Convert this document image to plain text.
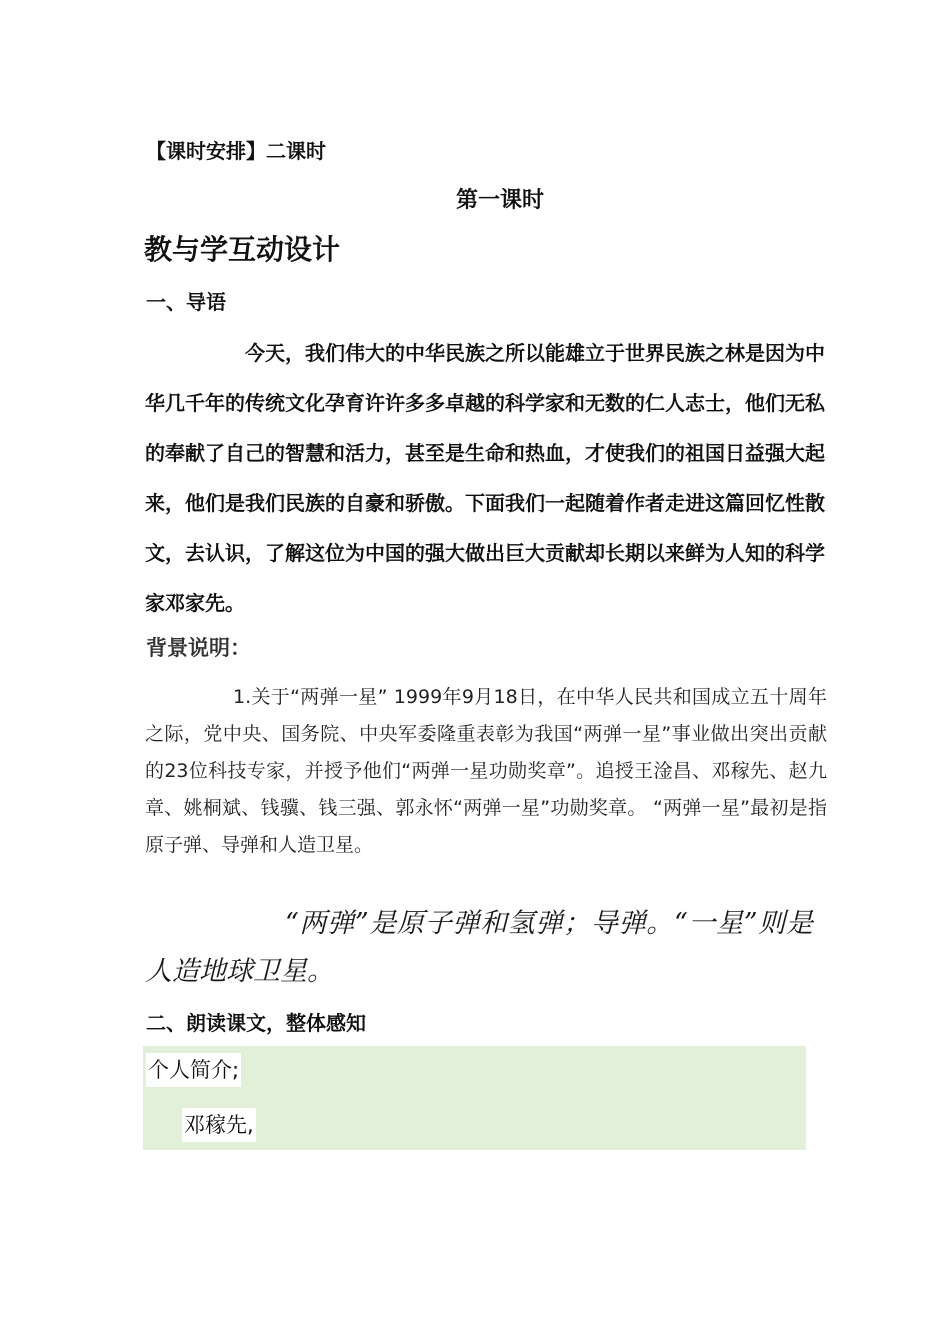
【课时安排】二课时
第一课时
教与学互动设计
一、导语
今天，我们伟大的中华民族之所以能雄立于世界民族之林是因为中华几千年的传统文化孕育许许多多卓越的科学家和无数的仁人志士，他们无私的奉献了自己的智慧和活力，甚至是生命和热血，才使我们的祖国日益强大起来，他们是我们民族的自豪和骄傲。下面我们一起随着作者走进这篇回忆性散文，去认识，了解这位为中国的强大做出巨大贡献却长期以来鲜为人知的科学家邓家先。
背景说明：
1.关于“两弹一星” 1999年9月18日，在中华人民共和国成立五十周年之际，党中央、国务院、中央军委隆重表彰为我国“两弹一星”事业做出突出贡献的23位科技专家，并授予他们“两弹一星功勋奖章”。追授王淦昌、邓稼先、赵九章、姚桐斌、钱骥、钱三强、郭永怀“两弹一星”功勋奖章。 “两弹一星”最初是指原子弹、导弹和人造卫星。
“两弹”是原子弹和氢弹；导弹。“一星”则是人造地球卫星。
二、朗读课文，整体感知
个人简介;
邓稼先,
